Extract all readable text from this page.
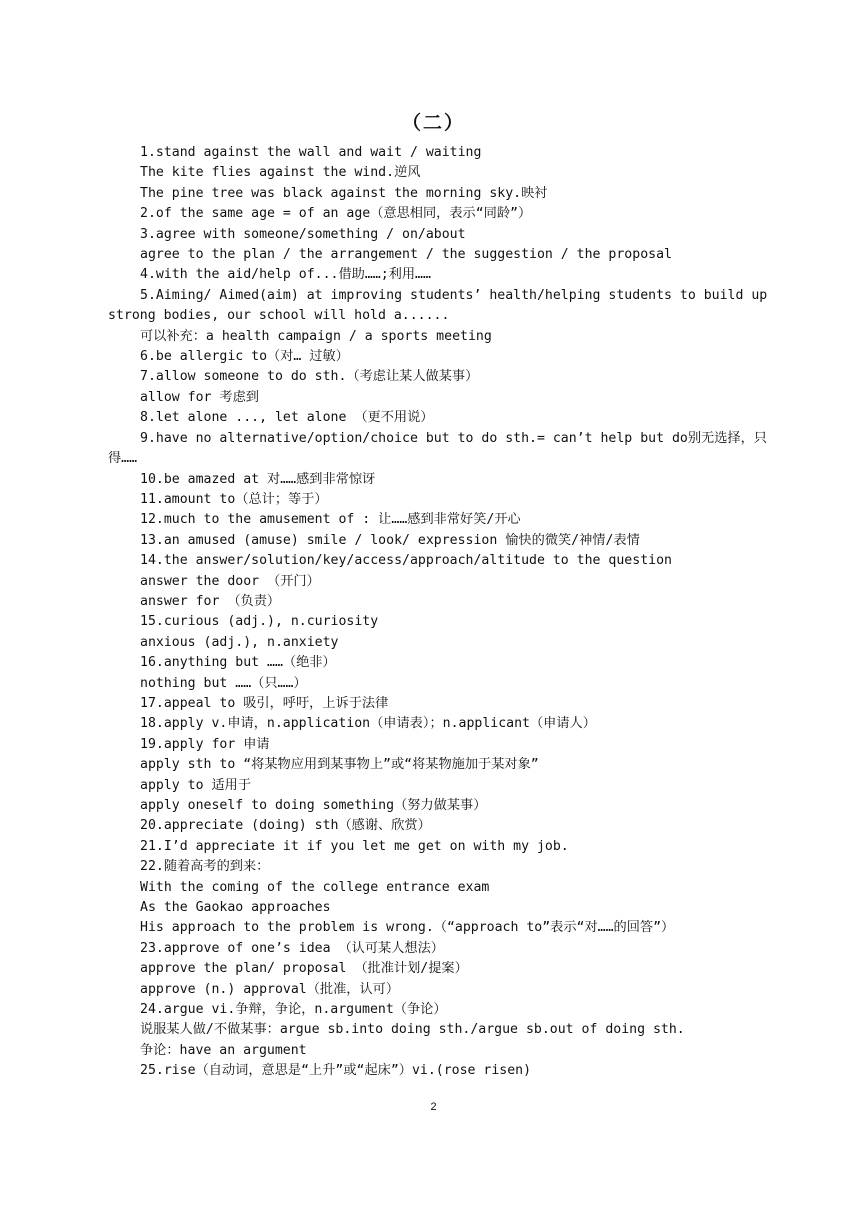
（二）
1.stand against the wall and wait / waiting
The kite flies against the wind.逆风
The pine tree was black against the morning sky.映衬
2.of the same age = of an age（意思相同，表示“同龄”）
3.agree with someone/something / on/about
agree to the plan / the arrangement / the suggestion / the proposal
4.with the aid/help of...借助……;利用……
5.Aiming/ Aimed(aim) at improving students’ health/helping students to build up strong bodies, our school will hold a......
可以补充：a health campaign / a sports meeting
6.be allergic to（对… 过敏）
7.allow someone to do sth.（考虑让某人做某事）
allow for 考虑到
8.let alone ..., let alone （更不用说）
9.have no alternative/option/choice but to do sth.= can’t help but do别无选择，只得……
10.be amazed at 对……感到非常惊讶
11.amount to（总计；等于）
12.much to the amusement of : 让……感到非常好笑/开心
13.an amused (amuse) smile / look/ expression 愉快的微笑/神情/表情
14.the answer/solution/key/access/approach/altitude to the question
answer the door （开门）
answer for （负责）
15.curious (adj.), n.curiosity
anxious (adj.), n.anxiety
16.anything but ……（绝非）
nothing but ……（只……）
17.appeal to 吸引，呼吁，上诉于法律
18.apply v.申请，n.application（申请表）；n.applicant（申请人）
19.apply for 申请
apply sth to “将某物应用到某事物上”或“将某物施加于某对象”
apply to 适用于
apply oneself to doing something（努力做某事）
20.appreciate (doing) sth（感谢、欣赏）
21.I’d appreciate it if you let me get on with my job.
22.随着高考的到来：
With the coming of the college entrance exam
As the Gaokao approaches
His approach to the problem is wrong.（“approach to”表示“对……的回答”）
23.approve of one’s idea （认可某人想法）
approve the plan/ proposal （批准计划/提案）
approve (n.) approval（批准，认可）
24.argue vi.争辩，争论，n.argument（争论）
说服某人做/不做某事：argue sb.into doing sth./argue sb.out of doing sth.
争论：have an argument
25.rise（自动词，意思是“上升”或“起床”）vi.(rose risen)
2
